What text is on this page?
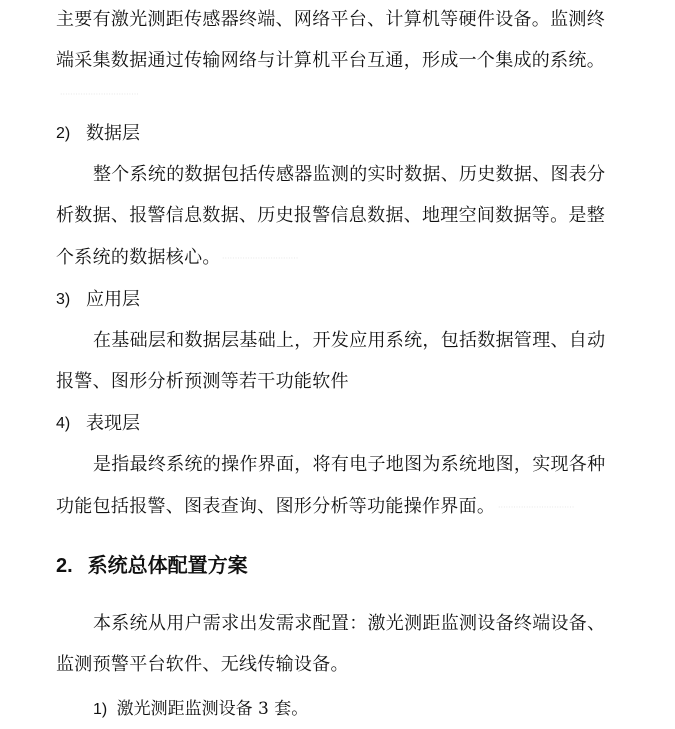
主要有激光测距传感器终端、网络平台、计算机等硬件设备。监测终
端采集数据通过传输网络与计算机平台互通，形成一个集成的系统。
·······························
2) 数据层
整个系统的数据包括传感器监测的实时数据、历史数据、图表分
析数据、报警信息数据、历史报警信息数据、地理空间数据等。是整
个系统的数据核心。 ······························
3) 应用层
在基础层和数据层基础上，开发应用系统，包括数据管理、自动
报警、图形分析预测等若干功能软件
4) 表现层
是指最终系统的操作界面，将有电子地图为系统地图，实现各种
功能包括报警、图表查询、图形分析等功能操作界面。 ······························
2. 系统总体配置方案
本系统从用户需求出发需求配置：激光测距监测设备终端设备、
监测预警平台软件、无线传输设备。
1) 激光测距监测设备 3 套。
